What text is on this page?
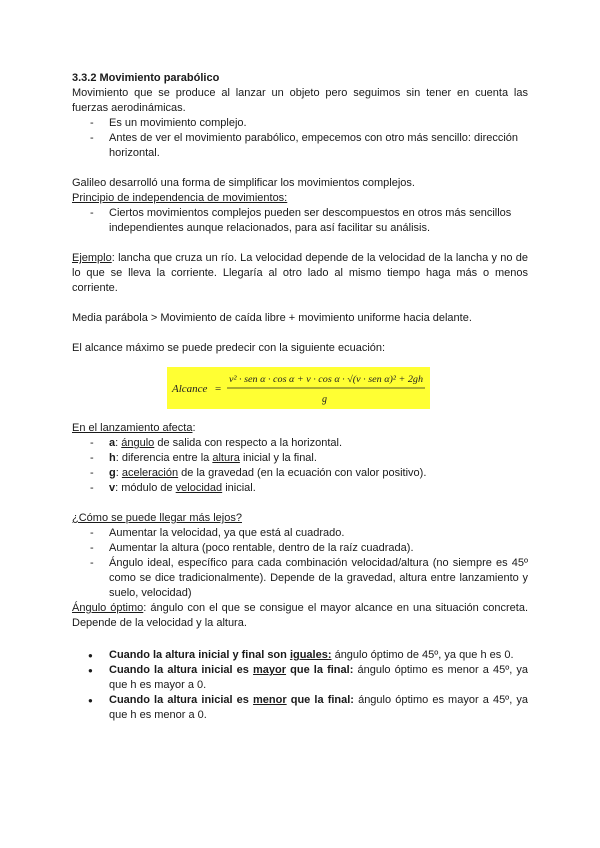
3.3.2 Movimiento parabólico

Movimiento que se produce al lanzar un objeto pero seguimos sin tener en cuenta las fuerzas aerodinámicas.

- Es un movimiento complejo.
- Antes de ver el movimiento parabólico, empecemos con otro más sencillo: dirección horizontal.

Galileo desarrolló una forma de simplificar los movimientos complejos.

Principio de independencia de movimientos:

- Ciertos movimientos complejos pueden ser descompuestos en otros más sencillos independientes aunque relacionados, para así facilitar su análisis.

Ejemplo: lancha que cruza un río. La velocidad depende de la velocidad de la lancha y no de lo que se lleva la corriente. Llegaría al otro lado al mismo tiempo haga más o menos corriente.

Media parábola > Movimiento de caída libre + movimiento uniforme hacia delante.

El alcance máximo se puede predecir con la siguiente ecuación:

Alcance =
v² · sen α · cos α + v · cos α · √(v · sen α)² + 2gh
g

En el lanzamiento afecta:

- a: ángulo de salida con respecto a la horizontal.
- h: diferencia entre la altura inicial y la final.
- g: aceleración de la gravedad (en la ecuación con valor positivo).
- v: módulo de velocidad inicial.

¿Cómo se puede llegar más lejos?

- Aumentar la velocidad, ya que está al cuadrado.
- Aumentar la altura (poco rentable, dentro de la raíz cuadrada).
- Ángulo ideal, específico para cada combinación velocidad/altura (no siempre es 45º como se dice tradicionalmente). Depende de la gravedad, altura entre lanzamiento y suelo, velocidad)

Ángulo óptimo: ángulo con el que se consigue el mayor alcance en una situación concreta. Depende de la velocidad y la altura.

● Cuando la altura inicial y final son iguales: ángulo óptimo de 45º, ya que h es 0.
● Cuando la altura inicial es mayor que la final: ángulo óptimo es menor a 45º, ya que h es mayor a 0.
● Cuando la altura inicial es menor que la final: ángulo óptimo es mayor a 45º, ya que h es menor a 0.
